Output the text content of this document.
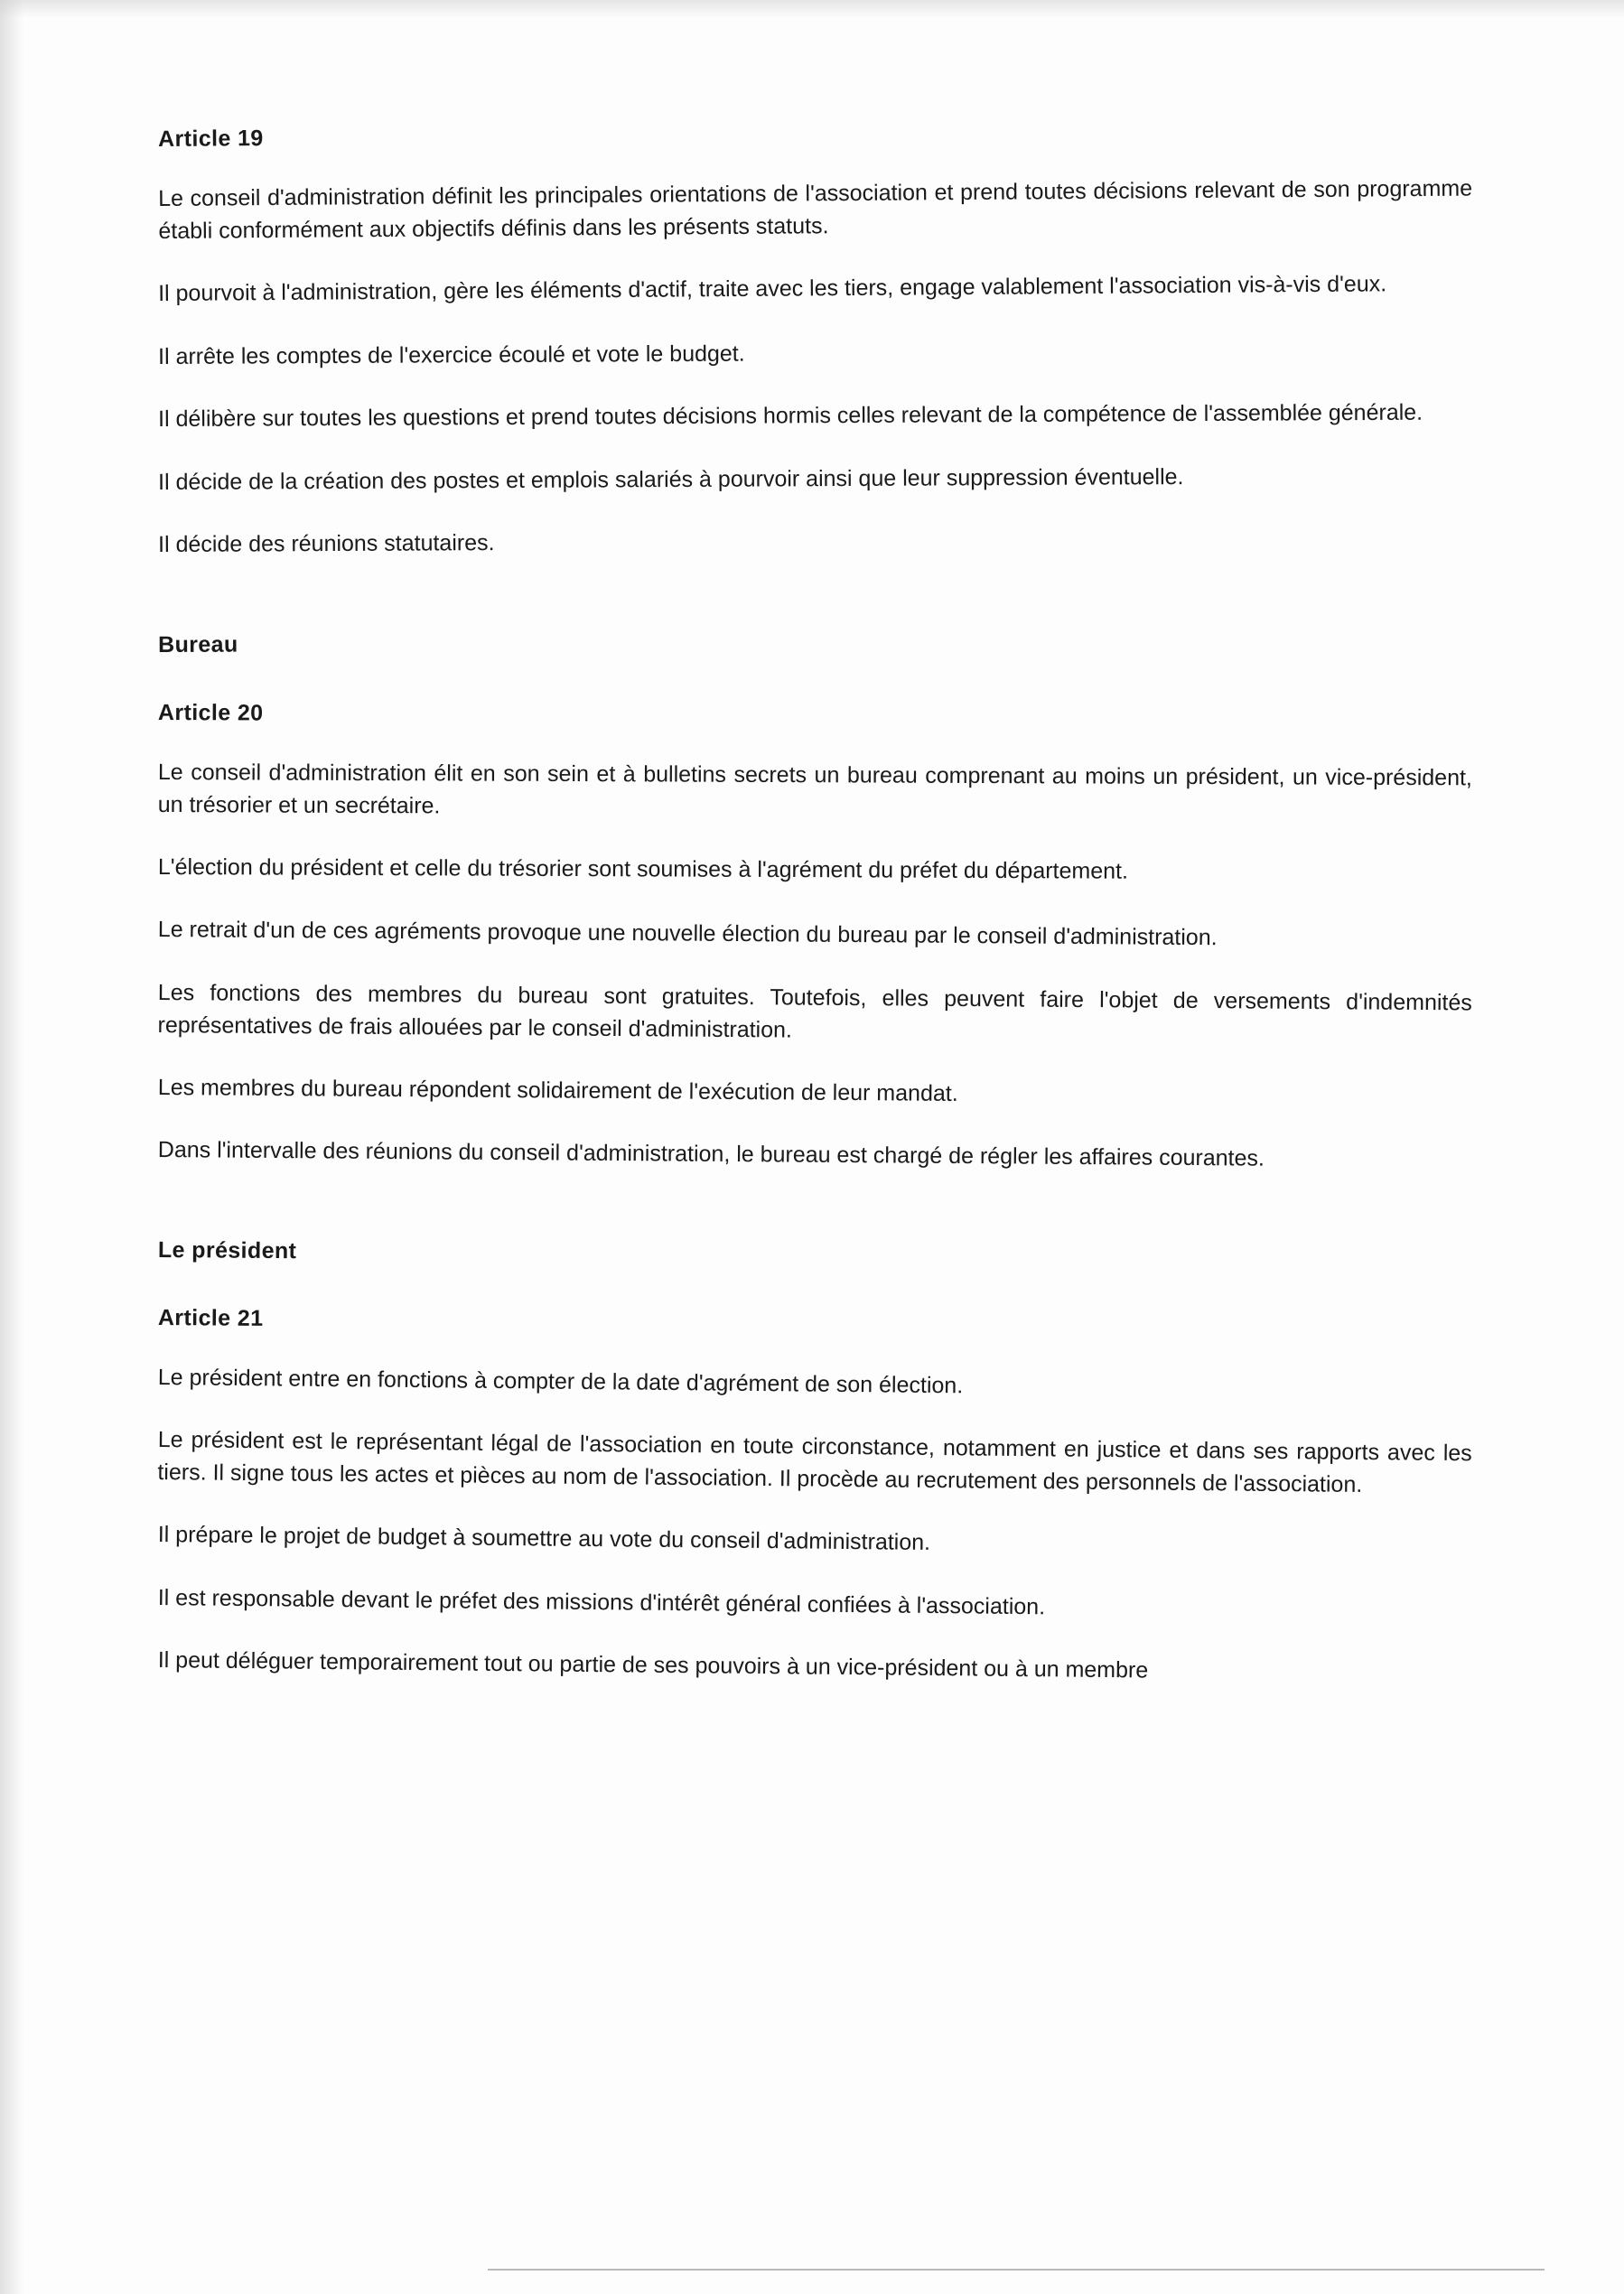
Article 19

Le conseil d'administration définit les principales orientations de l'association et prend toutes décisions relevant de son programme établi conformément aux objectifs définis dans les présents statuts.

Il pourvoit à l'administration, gère les éléments d'actif, traite avec les tiers, engage valablement l'association vis-à-vis d'eux.

Il arrête les comptes de l'exercice écoulé et vote le budget.

Il délibère sur toutes les questions et prend toutes décisions hormis celles relevant de la compétence de l'assemblée générale.

Il décide de la création des postes et emplois salariés à pourvoir ainsi que leur suppression éventuelle.

Il décide des réunions statutaires.

Bureau
Article 20

Le conseil d'administration élit en son sein et à bulletins secrets un bureau comprenant au moins un président, un vice-président, un trésorier et un secrétaire.

L'élection du président et celle du trésorier sont soumises à l'agrément du préfet du département.

Le retrait d'un de ces agréments provoque une nouvelle élection du bureau par le conseil d'administration.

Les fonctions des membres du bureau sont gratuites. Toutefois, elles peuvent faire l'objet de versements d'indemnités représentatives de frais allouées par le conseil d'administration.

Les membres du bureau répondent solidairement de l'exécution de leur mandat.

Dans l'intervalle des réunions du conseil d'administration, le bureau est chargé de régler les affaires courantes.

Le président
Article 21

Le président entre en fonctions à compter de la date d'agrément de son élection.

Le président est le représentant légal de l'association en toute circonstance, notamment en justice et dans ses rapports avec les tiers. Il signe tous les actes et pièces au nom de l'association. Il procède au recrutement des personnels de l'association.

Il prépare le projet de budget à soumettre au vote du conseil d'administration.

Il est responsable devant le préfet des missions d'intérêt général confiées à l'association.

Il peut déléguer temporairement tout ou partie de ses pouvoirs à un vice-président ou à un membre
